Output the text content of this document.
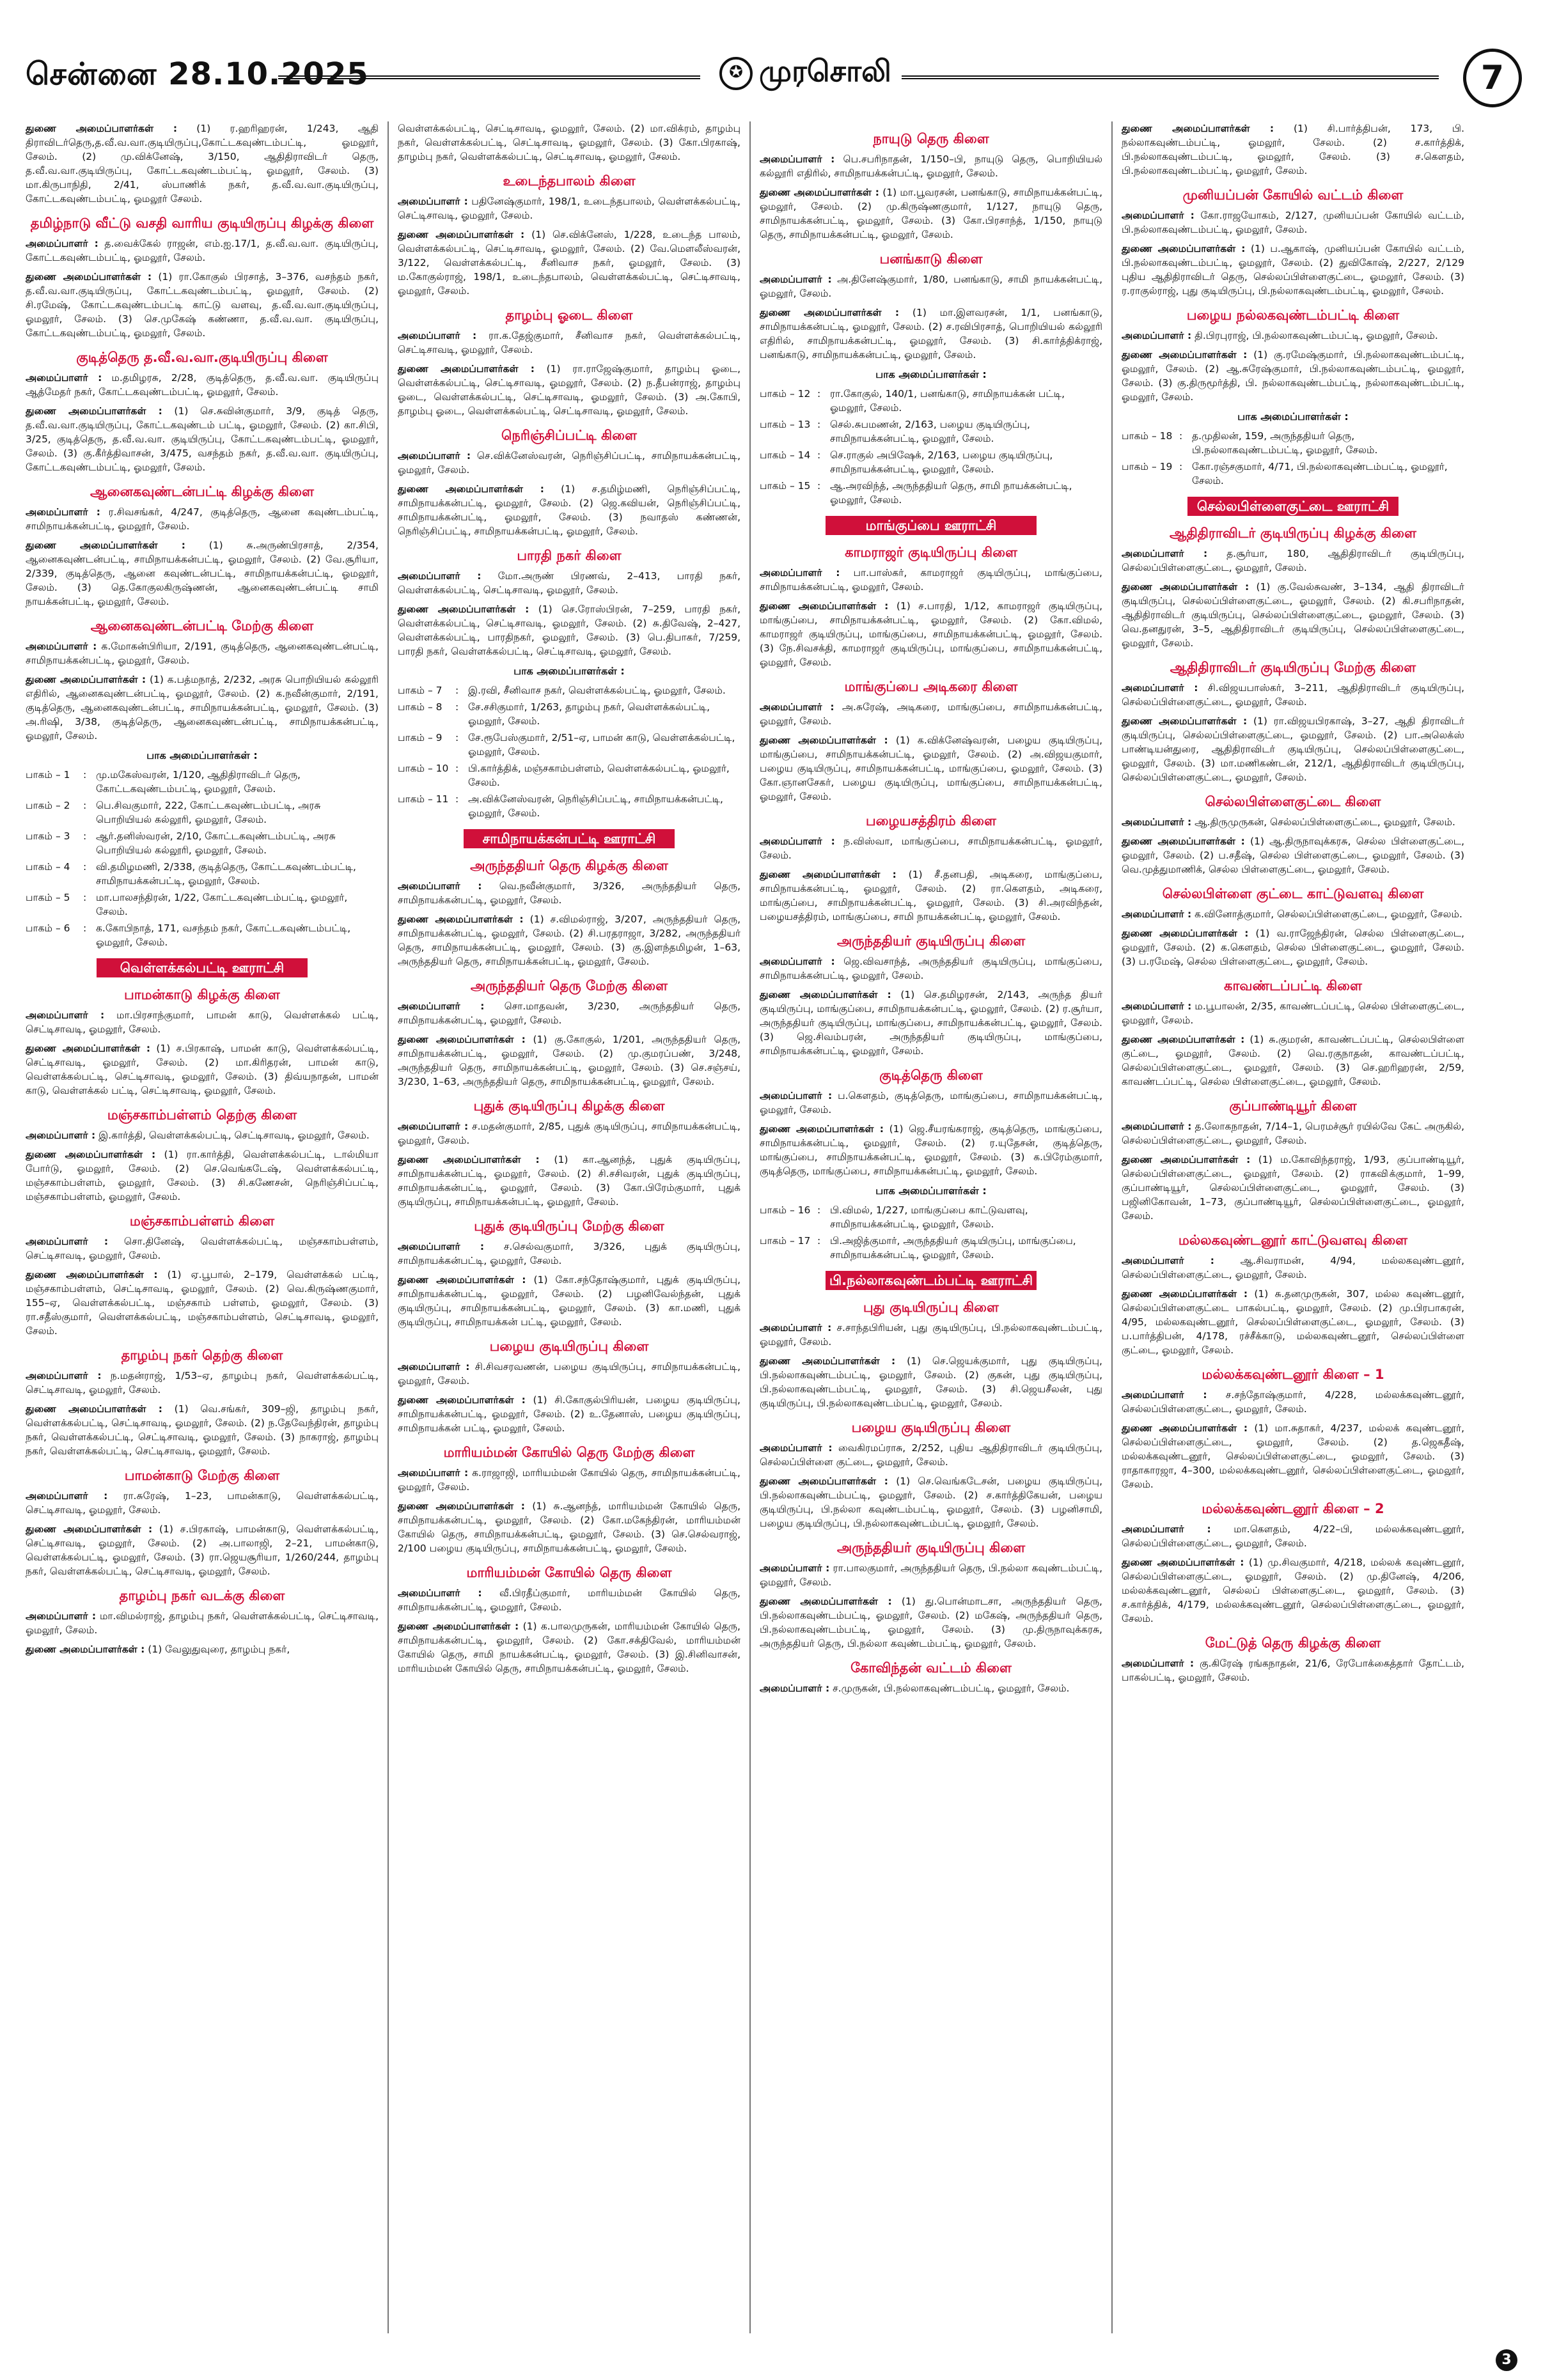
சென்னை 28.10.2025	✪ முரசொலி	7

துணை அமைப்பாளர்கள் : (1) ர.ஹரிஹரன், 1/243, ஆதி திராவிடர்தெரு,த.வீ.வ.வா.குடியிருப்பு,கோட்டகவுண்டம்பட்டி, ஓமலூர், சேலம். (2) மு.விக்னேஷ், 3/150, ஆதிதிராவிடர் தெரு, த.வீ.வ.வா.குடியிருப்பு, கோட்டகவுண்டம்பட்டி, ஓமலூர், சேலம். (3) மா.கிருபாநிதி, 2/41, ஸ்பாணிக் நகர், த.வீ.வ.வா.குடியிருப்பு, கோட்டகவுண்டம்பட்டி, ஓமலூர் சேலம்.

தமிழ்நாடு வீட்டு வசதி வாரிய குடியிருப்பு கிழக்கு கிளை

அமைப்பாளர் : த.வைக்கேல் ராஜன், எம்.ஐ.17/1, த.வீ.வ.வா. குடியிருப்பு, கோட்டகவுண்டம்பட்டி, ஓமலூர், சேலம்.

துணை அமைப்பாளர்கள் : (1) ரா.கோகுல் பிரசாத், 3–376, வசந்தம் நகர், த.வீ.வ.வா.குடியிருப்பு, கோட்டகவுண்டம்பட்டி, ஓமலூர், சேலம். (2) சி.ரமேஷ், கோட்டகவுண்டம்பட்டி காட்டு வளவு, த.வீ.வ.வா.குடியிருப்பு, ஓமலூர், சேலம். (3) செ.முகேஷ் கண்ணா, த.வீ.வ.வா. குடியிருப்பு, கோட்டகவுண்டம்பட்டி, ஓமலூர், சேலம்.

குடித்தெரு த.வீ.வ.வா.குடியிருப்பு கிளை

அமைப்பாளர் : ம.தமிழரசு, 2/28, குடித்தெரு, த.வீ.வ.வா. குடியிருப்பு ஆத்மேதர் நகர், கோட்டகவுண்டம்பட்டி, ஓமலூர், சேலம்.

துணை அமைப்பாளர்கள் : (1) செ.சுவின்குமார், 3/9, குடித் தெரு, த.வீ.வ.வா.குடியிருப்பு, கோட்டகவுண்டம் பட்டி, ஓமலூர், சேலம். (2) கா.சிபி, 3/25, குடித்தெரு, த.வீ.வ.வா. குடியிருப்பு, கோட்டகவுண்டம்பட்டி, ஓமலூர், சேலம். (3) கு.கீர்த்திவாசன், 3/475, வசந்தம் நகர், த.வீ.வ.வா. குடியிருப்பு, கோட்டகவுண்டம்பட்டி, ஓமலூர், சேலம்.

ஆனைகவுண்டன்பட்டி கிழக்கு கிளை

அமைப்பாளர் : ர.சிவசங்கர், 4/247, குடித்தெரு, ஆனை கவுண்டம்பட்டி, சாமிநாயக்கன்பட்டி, ஓமலூர், சேலம்.

துணை அமைப்பாளர்கள் : (1) சு.அருண்பிரசாத், 2/354, ஆனைகவுண்டன்பட்டி, சாமிநாயக்கன்பட்டி, ஓமலூர், சேலம். (2) வே.சூரியா, 2/339, குடித்தெரு, ஆனை கவுண்டன்பட்டி, சாமிநாயக்கன்பட்டி, ஓமலூர், சேலம். (3) தெ.கோகுலகிருஷ்ணன், ஆனைகவுண்டன்பட்டி சாமி நாயக்கன்பட்டி, ஓமலூர், சேலம்.

ஆனைகவுண்டன்பட்டி மேற்கு கிளை

அமைப்பாளர் : க.மோகன்பிரியா, 2/191, குடித்தெரு, ஆனைகவுண்டன்பட்டி, சாமிநாயக்கன்பட்டி, ஓமலூர், சேலம்.

துணை அமைப்பாளர்கள் : (1) க.பத்மநாத், 2/232, அரசு பொறியியல் கல்லூரி எதிரில், ஆனைகவுண்டன்பட்டி, ஓமலூர், சேலம். (2) க.நவீன்குமார், 2/191, குடித்தெரு, ஆனைகவுண்டன்பட்டி, சாமிநாயக்கன்பட்டி, ஓமலூர், சேலம். (3) அ.ரிஷி, 3/38, குடித்தெரு, ஆனைகவுண்டன்பட்டி, சாமிநாயக்கன்பட்டி, ஓமலூர், சேலம்.

பாக அமைப்பாளர்கள் :
பாகம் – 1	:	மு.மகேஸ்வரன், 1/120, ஆதிதிராவிடர் தெரு, கோட்டகவுண்டம்பட்டி, ஓமலூர், சேலம்.
பாகம் – 2	:	பெ.சிவகுமார், 222, கோட்டகவுண்டம்பட்டி, அரசு பொறியியல் கல்லூரி, ஓமலூர், சேலம்.
பாகம் – 3	:	ஆர்.தனிஸ்வரன், 2/10, கோட்டகவுண்டம்பட்டி, அரசு பொறியியல் கல்லூரி, ஓமலூர், சேலம்.
பாகம் – 4	:	வி.தமிழமணி, 2/338, குடித்தெரு, கோட்டகவுண்டம்பட்டி, சாமிநாயக்கன்பட்டி, ஓமலூர், சேலம்.
பாகம் – 5	:	மா.பாலசந்திரன், 1/22, கோட்டகவுண்டம்பட்டி, ஓமலூர், சேலம்.
பாகம் – 6	:	க.கோபிநாத், 171, வசந்தம் நகர், கோட்டகவுண்டம்பட்டி, ஓமலூர், சேலம்.
வெள்ளக்கல்பட்டி ஊராட்சி
பாமன்காடு கிழக்கு கிளை

அமைப்பாளர் : மா.பிரசாந்குமார், பாமன் காடு, வெள்ளக்கல் பட்டி, செட்டிசாவடி, ஓமலூர், சேலம்.

துணை அமைப்பாளர்கள் : (1) ச.பிரகாஷ், பாமன் காடு, வெள்ளக்கல்பட்டி, செட்டிசாவடி, ஓமலூர், சேலம். (2) மா.கிரிதரன், பாமன் காடு, வெள்ளக்கல்பட்டி, செட்டிசாவடி, ஓமலூர், சேலம். (3) திவ்யநாதன், பாமன் காடு, வெள்ளக்கல் பட்டி, செட்டிசாவடி, ஓமலூர், சேலம்.

மஞ்சகாம்பள்ளம் தெற்கு கிளை

அமைப்பாளர் : இ.கார்த்தி, வெள்ளக்கல்பட்டி, செட்டிசாவடி, ஓமலூர், சேலம்.

துணை அமைப்பாளர்கள் : (1) ரா.கார்த்தி, வெள்ளக்கல்பட்டி, டால்மியா போர்டு, ஓமலூர், சேலம். (2) செ.வெங்கடேஷ், வெள்ளக்கல்பட்டி, மஞ்சகாம்பள்ளம், ஓமலூர், சேலம். (3) சி.கணேசன், நெரிஞ்சிப்பட்டி, மஞ்சகாம்பள்ளம், ஓமலூர், சேலம்.

மஞ்சகாம்பள்ளம் கிளை

அமைப்பாளர் : சொ.தினேஷ், வெள்ளக்கல்பட்டி, மஞ்சகாம்பள்ளம், செட்டிசாவடி, ஓமலூர், சேலம்.

துணை அமைப்பாளர்கள் : (1) ஏ.பூபால், 2–179, வெள்ளக்கல் பட்டி, மஞ்சகாம்பள்ளம், செட்டிசாவடி, ஓமலூர், சேலம். (2) வெ.கிருஷ்ணகுமார், 155–ஏ, வெள்ளக்கல்பட்டி, மஞ்சகாம் பள்ளம், ஓமலூர், சேலம். (3) ரா.சதீஸ்குமார், வெள்ளக்கல்பட்டி, மஞ்சகாம்பள்ளம், செட்டிசாவடி, ஓமலூர், சேலம்.

தாழம்பு நகர் தெற்கு கிளை

அமைப்பாளர் : ந.மதன்ராஜ், 1/53–ஏ, தாழம்பு நகர், வெள்ளக்கல்பட்டி, செட்டிசாவடி, ஓமலூர், சேலம்.

துணை அமைப்பாளர்கள் : (1) வெ.சங்கர், 309–ஜி, தாழம்பு நகர், வெள்ளக்கல்பட்டி, செட்டிசாவடி, ஓமலூர், சேலம். (2) ந.தேவேந்திரன், தாழம்பு நகர், வெள்ளக்கல்பட்டி, செட்டிசாவடி, ஓமலூர், சேலம். (3) நாகராஜ், தாழம்பு நகர், வெள்ளக்கல்பட்டி, செட்டிசாவடி, ஓமலூர், சேலம்.

பாமன்காடு மேற்கு கிளை

அமைப்பாளர் : ரா.சுரேஷ், 1–23, பாமன்காடு, வெள்ளக்கல்பட்டி, செட்டிசாவடி, ஓமலூர், சேலம்.

துணை அமைப்பாளர்கள் : (1) ச.பிரகாஷ், பாமன்காடு, வெள்ளக்கல்பட்டி, செட்டிசாவடி, ஓமலூர், சேலம். (2) அ.பாலாஜி, 2–21, பாமன்காடு, வெள்ளக்கல்பட்டி, ஓமலூர், சேலம். (3) ரா.ஜெயசூரியா, 1/260/244, தாழம்பு நகர், வெள்ளக்கல்பட்டி, செட்டிசாவடி, ஓமலூர், சேலம்.

தாழம்பு நகர் வடக்கு கிளை

அமைப்பாளர் : மா.விமல்ராஜ், தாழம்பு நகர், வெள்ளக்கல்பட்டி, செட்டிசாவடி, ஓமலூர், சேலம்.

துணை அமைப்பாளர்கள் : (1) வேலுதுவுரை, தாழம்பு நகர்,

வெள்ளக்கல்பட்டி, செட்டிசாவடி, ஓமலூர், சேலம். (2) மா.விக்ரம், தாழம்பு நகர், வெள்ளக்கல்பட்டி, செட்டிசாவடி, ஓமலூர், சேலம். (3) கோ.பிரகாஷ், தாழம்பு நகர், வெள்ளக்கல்பட்டி, செட்டிசாவடி, ஓமலூர், சேலம்.

உடைந்தபாலம் கிளை

அமைப்பாளர் : பதினேஷ்குமார், 198/1, உடைந்தபாலம், வெள்ளக்கல்பட்டி, செட்டிசாவடி, ஓமலூர், சேலம்.

துணை அமைப்பாளர்கள் : (1) செ.விக்னேஸ், 1/228, உடைந்த பாலம், வெள்ளக்கல்பட்டி, செட்டிசாவடி, ஓமலூர், சேலம். (2) வே.மௌலீஸ்வரன், 3/122, வெள்ளக்கல்பட்டி, சீனிவாச நகர், ஓமலூர், சேலம். (3) ம.கோகுல்ராஜ், 198/1, உடைந்தபாலம், வெள்ளக்கல்பட்டி, செட்டிசாவடி, ஓமலூர், சேலம்.

தாழம்பு ஓடை கிளை

அமைப்பாளர் : ரா.க.தேஜ்குமார், சீனிவாச நகர், வெள்ளக்கல்பட்டி, செட்டிசாவடி, ஓமலூர், சேலம்.

துணை அமைப்பாளர்கள் : (1) ரா.ராஜேஷ்குமார், தாழம்பு ஓடை, வெள்ளக்கல்பட்டி, செட்டிசாவடி, ஓமலூர், சேலம். (2) ந.தீபன்ராஜ், தாழம்பு ஓடை, வெள்ளக்கல்பட்டி, செட்டிசாவடி, ஓமலூர், சேலம். (3) அ.கோபி, தாழம்பு ஓடை, வெள்ளக்கல்பட்டி, செட்டிசாவடி, ஓமலூர், சேலம்.

நெரிஞ்சிப்பட்டி கிளை

அமைப்பாளர் : செ.விக்னேஸ்வரன், நெரிஞ்சிப்பட்டி, சாமிநாயக்கன்பட்டி, ஓமலூர், சேலம்.

துணை அமைப்பாளர்கள் : (1) ச.தமிழ்மணி, நெரிஞ்சிப்பட்டி, சாமிநாயக்கன்பட்டி, ஓமலூர், சேலம். (2) ஜெ.கவியன், நெரிஞ்சிப்பட்டி, சாமிநாயக்கன்பட்டி, ஓமலூர், சேலம். (3) நவாதஸ் கண்ணன், நெரிஞ்சிப்பட்டி, சாமிநாயக்கன்பட்டி, ஓமலூர், சேலம்.

பாரதி நகர் கிளை

அமைப்பாளர் : மோ.அருண் பிரணவ், 2–413, பாரதி நகர், வெள்ளக்கல்பட்டி, செட்டிசாவடி, ஓமலூர், சேலம்.

துணை அமைப்பாளர்கள் : (1) செ.ரோஸ்பிரன், 7–259, பாரதி நகர், வெள்ளக்கல்பட்டி, செட்டிசாவடி, ஓமலூர், சேலம். (2) சு.திவேஷ், 2–427, வெள்ளக்கல்பட்டி, பாரதிநகர், ஓமலூர், சேலம். (3) பெ.திபாகர், 7/259, பாரதி நகர், வெள்ளக்கல்பட்டி, செட்டிசாவடி, ஓமலூர், சேலம்.

பாக அமைப்பாளர்கள் :
பாகம் – 7	:	இ.ரவி, சீனிவாச நகர், வெள்ளக்கல்பட்டி, ஓமலூர், சேலம்.
பாகம் – 8	:	சே.சசிகுமார், 1/263, தாழம்பு நகர், வெள்ளக்கல்பட்டி, ஓமலூர், சேலம்.
பாகம் – 9	:	சே.ரூபேஸ்குமார், 2/51–ஏ, பாமன் காடு, வெள்ளக்கல்பட்டி, ஓமலூர், சேலம்.
பாகம் – 10	:	பி.கார்த்திக், மஞ்சகாம்பள்ளம், வெள்ளக்கல்பட்டி, ஓமலூர், சேலம்.
பாகம் – 11	:	அ.விக்னேஸ்வரன், நெரிஞ்சிப்பட்டி, சாமிநாயக்கன்பட்டி, ஓமலூர், சேலம்.
சாமிநாயக்கன்பட்டி ஊராட்சி
அருந்ததியர் தெரு கிழக்கு கிளை

அமைப்பாளர் : வெ.நவீன்குமார், 3/326, அருந்ததியர் தெரு, சாமிநாயக்கன்பட்டி, ஓமலூர், சேலம்.

துணை அமைப்பாளர்கள் : (1) ச.விமல்ராஜ், 3/207, அருந்ததியர் தெரு, சாமிநாயக்கன்பட்டி, ஓமலூர், சேலம். (2) சி.பரதராஜா, 3/282, அருந்ததியர் தெரு, சாமிநாயக்கன்பட்டி, ஓமலூர், சேலம். (3) கு.இளந்தமிழன், 1–63, அருந்ததியர் தெரு, சாமிநாயக்கன்பட்டி, ஓமலூர், சேலம்.

அருந்ததியர் தெரு மேற்கு கிளை

அமைப்பாளர் : சொ.மாதவன், 3/230, அருந்ததியர் தெரு, சாமிநாயக்கன்பட்டி, ஓமலூர், சேலம்.

துணை அமைப்பாளர்கள் : (1) கு.கோகுல், 1/201, அருந்ததியர் தெரு, சாமிநாயக்கன்பட்டி, ஓமலூர், சேலம். (2) மு.குமரப்பண், 3/248, அருந்ததியர் தெரு, சாமிநாயக்கன்பட்டி, ஓமலூர், சேலம். (3) செ.சஞ்சய், 3/230, 1–63, அருந்ததியர் தெரு, சாமிநாயக்கன்பட்டி, ஓமலூர், சேலம்.

புதுக் குடியிருப்பு கிழக்கு கிளை

அமைப்பாளர் : ச.மதன்குமார், 2/85, புதுக் குடியிருப்பு, சாமிநாயக்கன்பட்டி, ஓமலூர், சேலம்.

துணை அமைப்பாளர்கள் : (1) கா.ஆனந்த், புதுக் குடியிருப்பு, சாமிநாயக்கன்பட்டி, ஓமலூர், சேலம். (2) சி.சசிவரன், புதுக் குடியிருப்பு, சாமிநாயக்கன்பட்டி, ஓமலூர், சேலம். (3) கோ.பிரேம்குமார், புதுக் குடியிருப்பு, சாமிநாயக்கன்பட்டி, ஓமலூர், சேலம்.

புதுக் குடியிருப்பு மேற்கு கிளை

அமைப்பாளர் : ச.செல்வகுமார், 3/326, புதுக் குடியிருப்பு, சாமிநாயக்கன்பட்டி, ஓமலூர், சேலம்.

துணை அமைப்பாளர்கள் : (1) கோ.சந்தோஷ்குமார், புதுக் குடியிருப்பு, சாமிநாயக்கன்பட்டி, ஓமலூர், சேலம். (2) பழனிவேல்ந்தன், புதுக் குடியிருப்பு, சாமிநாயக்கன்பட்டி, ஓமலூர், சேலம். (3) கா.மணி, புதுக் குடியிருப்பு, சாமிநாயக்கன் பட்டி, ஓமலூர், சேலம்.

பழைய குடியிருப்பு கிளை

அமைப்பாளர் : சி.சிவசரவணன், பழைய குடியிருப்பு, சாமிநாயக்கன்பட்டி, ஓமலூர், சேலம்.

துணை அமைப்பாளர்கள் : (1) சி.கோகுல்பிரியன், பழைய குடியிருப்பு, சாமிநாயக்கன்பட்டி, ஓமலூர், சேலம். (2) உ.தேனாஸ், பழைய குடியிருப்பு, சாமிநாயக்கன் பட்டி, ஓமலூர், சேலம்.

மாரியம்மன் கோயில் தெரு மேற்கு கிளை

அமைப்பாளர் : க.ராஜாஜி, மாரியம்மன் கோயில் தெரு, சாமிநாயக்கன்பட்டி, ஓமலூர், சேலம்.

துணை அமைப்பாளர்கள் : (1) சு.ஆனந்த், மாரியம்மன் கோயில் தெரு, சாமிநாயக்கன்பட்டி, ஓமலூர், சேலம். (2) கோ.மகேந்திரன், மாரியம்மன் கோயில் தெரு, சாமிநாயக்கன்பட்டி, ஓமலூர், சேலம். (3) செ.செல்வராஜ், 2/100 பழைய குடியிருப்பு, சாமிநாயக்கன்பட்டி, ஓமலூர், சேலம்.

மாரியம்மன் கோயில் தெரு கிளை

அமைப்பாளர் : வீ.பிரதீப்குமார், மாரியம்மன் கோயில் தெரு, சாமிநாயக்கன்பட்டி, ஓமலூர், சேலம்.

துணை அமைப்பாளர்கள் : (1) க.பாலமுருகன், மாரியம்மன் கோயில் தெரு, சாமிநாயக்கன்பட்டி, ஓமலூர், சேலம். (2) கோ.சக்திவேல், மாரியம்மன் கோயில் தெரு, சாமி நாயக்கன்பட்டி, ஓமலூர், சேலம். (3) இ.சினிவாசன், மாரியம்மன் கோயில் தெரு, சாமிநாயக்கன்பட்டி, ஓமலூர், சேலம்.

நாயுடு தெரு கிளை

அமைப்பாளர் : பெ.சபரிநாதன், 1/150–பி, நாயுடு தெரு, பொறியியல் கல்லூரி எதிரில், சாமிநாயக்கன்பட்டி, ஓமலூர், சேலம்.

துணை அமைப்பாளர்கள் : (1) மா.பூவரசன், பனங்காடு, சாமிநாயக்கன்பட்டி, ஓமலூர், சேலம். (2) மு.கிருஷ்ணகுமார், 1/127, நாயுடு தெரு, சாமிநாயக்கன்பட்டி, ஓமலூர், சேலம். (3) கோ.பிரசாந்த், 1/150, நாயுடு தெரு, சாமிநாயக்கன்பட்டி, ஓமலூர், சேலம்.

பனங்காடு கிளை

அமைப்பாளர் : அ.தினேஷ்குமார், 1/80, பனங்காடு, சாமி நாயக்கன்பட்டி, ஓமலூர், சேலம்.

துணை அமைப்பாளர்கள் : (1) மா.இளவரசன், 1/1, பனங்காடு, சாமிநாயக்கன்பட்டி, ஓமலூர், சேலம். (2) ச.ரவிபிரசாத், பொறியியல் கல்லூரி எதிரில், சாமிநாயக்கன்பட்டி, ஓமலூர், சேலம். (3) சி.கார்த்திக்ராஜ், பனங்காடு, சாமிநாயக்கன்பட்டி, ஓமலூர், சேலம்.

பாக அமைப்பாளர்கள் :
பாகம் – 12	:	ரா.கோகுல், 140/1, பனங்காடு, சாமிநாயக்கன் பட்டி, ஓமலூர், சேலம்.
பாகம் – 13	:	செல்.சுபமணன், 2/163, பழைய குடியிருப்பு, சாமிநாயக்கன்பட்டி, ஓமலூர், சேலம்.
பாகம் – 14	:	செ.ராகுல் அபிஷேக், 2/163, பழைய குடியிருப்பு, சாமிநாயக்கன்பட்டி, ஓமலூர், சேலம்.
பாகம் – 15	:	ஆ.அரவிந்த், அருந்ததியர் தெரு, சாமி நாயக்கன்பட்டி, ஓமலூர், சேலம்.
மாங்குப்பை ஊராட்சி
காமராஜர் குடியிருப்பு கிளை

அமைப்பாளர் : பா.பாஸ்கர், காமராஜர் குடியிருப்பு, மாங்குப்பை, சாமிநாயக்கன்பட்டி, ஓமலூர், சேலம்.

துணை அமைப்பாளர்கள் : (1) ச.பாரதி, 1/12, காமராஜர் குடியிருப்பு, மாங்குப்பை, சாமிநாயக்கன்பட்டி, ஓமலூர், சேலம். (2) கோ.விமல், காமராஜர் குடியிருப்பு, மாங்குப்பை, சாமிநாயக்கன்பட்டி, ஓமலூர், சேலம். (3) நே.சிவசக்தி, காமராஜர் குடியிருப்பு, மாங்குப்பை, சாமிநாயக்கன்பட்டி, ஓமலூர், சேலம்.

மாங்குப்பை அடிகரை கிளை

அமைப்பாளர் : அ.சுரேஷ், அடிகரை, மாங்குப்பை, சாமிநாயக்கன்பட்டி, ஓமலூர், சேலம்.

துணை அமைப்பாளர்கள் : (1) க.விக்னேஷ்வரன், பழைய குடியிருப்பு, மாங்குப்பை, சாமிநாயக்கன்பட்டி, ஓமலூர், சேலம். (2) அ.விஜயகுமார், பழைய குடியிருப்பு, சாமிநாயக்கன்பட்டி, மாங்குப்பை, ஓமலூர், சேலம். (3) கோ.ஞானசேகர், பழைய குடியிருப்பு, மாங்குப்பை, சாமிநாயக்கன்பட்டி, ஓமலூர், சேலம்.

பழையசத்திரம் கிளை

அமைப்பாளர் : ந.விஸ்வா, மாங்குப்பை, சாமிநாயக்கன்பட்டி, ஓமலூர், சேலம்.

துணை அமைப்பாளர்கள் : (1) சீ.தனபதி, அடிகரை, மாங்குப்பை, சாமிநாயக்கன்பட்டி, ஓமலூர், சேலம். (2) ரா.கௌதம், அடிகரை, மாங்குப்பை, சாமிநாயக்கன்பட்டி, ஓமலூர், சேலம். (3) சி.அரவிந்தன், பழையசத்திரம், மாங்குப்பை, சாமி நாயக்கன்பட்டி, ஓமலூர், சேலம்.

அருந்ததியர் குடியிருப்பு கிளை

அமைப்பாளர் : ஜெ.விவசாந்த், அருந்ததியர் குடியிருப்பு, மாங்குப்பை, சாமிநாயக்கன்பட்டி, ஓமலூர், சேலம்.

துணை அமைப்பாளர்கள் : (1) செ.தமிழரசன், 2/143, அருந்த தியர் குடியிருப்பு, மாங்குப்பை, சாமிநாயக்கன்பட்டி, ஓமலூர், சேலம். (2) ர.சூர்யா, அருந்ததியர் குடியிருப்பு, மாங்குப்பை, சாமிநாயக்கன்பட்டி, ஓமலூர், சேலம். (3) ஜெ.சிவம்பரன், அருந்ததியர் குடியிருப்பு, மாங்குப்பை, சாமிநாயக்கன்பட்டி, ஓமலூர், சேலம்.

குடித்தெரு கிளை

அமைப்பாளர் : ப.கௌதம், குடித்தெரு, மாங்குப்பை, சாமிநாயக்கன்பட்டி, ஓமலூர், சேலம்.

துணை அமைப்பாளர்கள் : (1) ஜெ.சீயரங்கராஜ், குடித்தெரு, மாங்குப்பை, சாமிநாயக்கன்பட்டி, ஓமலூர், சேலம். (2) ர.யுதேசன், குடித்தெரு, மாங்குப்பை, சாமிநாயக்கன்பட்டி, ஓமலூர், சேலம். (3) க.பிரேம்குமார், குடித்தெரு, மாங்குப்பை, சாமிநாயக்கன்பட்டி, ஓமலூர், சேலம்.

பாக அமைப்பாளர்கள் :
பாகம் – 16	:	பி.விமல், 1/227, மாங்குப்பை காட்டுவளவு, சாமிநாயக்கன்பட்டி, ஓமலூர், சேலம்.
பாகம் – 17	:	பி.அஜித்குமார், அருந்ததியர் குடியிருப்பு, மாங்குப்பை, சாமிநாயக்கன்பட்டி, ஓமலூர், சேலம்.
பி.நல்லாகவுண்டம்பட்டி ஊராட்சி
புது குடியிருப்பு கிளை

அமைப்பாளர் : ச.சாந்தபிரியன், புது குடியிருப்பு, பி.நல்லாகவுண்டம்பட்டி, ஓமலூர், சேலம்.

துணை அமைப்பாளர்கள் : (1) செ.ஜெயக்குமார், புது குடியிருப்பு, பி.நல்லாகவுண்டம்பட்டி, ஓமலூர், சேலம். (2) குகன், புது குடியிருப்பு, பி.நல்லாகவுண்டம்பட்டி, ஓமலூர், சேலம். (3) சி.ஜெயசீலன், புது குடியிருப்பு, பி.நல்லாகவுண்டம்பட்டி, ஓமலூர், சேலம்.

பழைய குடியிருப்பு கிளை

அமைப்பாளர் : வைகிரமப்ராசு, 2/252, புதிய ஆதிதிராவிடர் குடியிருப்பு, செல்லப்பிள்ளை குட்டை, ஓமலூர், சேலம்.

துணை அமைப்பாளர்கள் : (1) செ.வெங்கடேசன், பழைய குடியிருப்பு, பி.நல்லாகவுண்டம்பட்டி, ஓமலூர், சேலம். (2) ச.கார்த்திகேயன், பழைய குடியிருப்பு, பி.நல்லா கவுண்டம்பட்டி, ஓமலூர், சேலம். (3) பழனிசாமி, பழைய குடியிருப்பு, பி.நல்லாகவுண்டம்பட்டி, ஓமலூர், சேலம்.

அருந்ததியர் குடியிருப்பு கிளை

அமைப்பாளர் : ரா.பாலகுமார், அருந்ததியர் தெரு, பி.நல்லா கவுண்டம்பட்டி, ஓமலூர், சேலம்.

துணை அமைப்பாளர்கள் : (1) து.பொன்மாடசா, அருந்ததியர் தெரு, பி.நல்லாகவுண்டம்பட்டி, ஓமலூர், சேலம். (2) மகேஷ், அருந்ததியர் தெரு, பி.நல்லாகவுண்டம்பட்டி, ஓமலூர், சேலம். (3) மு.திருநாவுக்கரசு, அருந்ததியர் தெரு, பி.நல்லா கவுண்டம்பட்டி, ஓமலூர், சேலம்.

கோவிந்தன் வட்டம் கிளை

அமைப்பாளர் : ச.முருகன், பி.நல்லாகவுண்டம்பட்டி, ஓமலூர், சேலம்.

துணை அமைப்பாளர்கள் : (1) சி.பார்த்திபன், 173, பி. நல்லாகவுண்டம்பட்டி, ஓமலூர், சேலம். (2) ச.கார்த்திக், பி.நல்லாகவுண்டம்பட்டி, ஓமலூர், சேலம். (3) ச.கௌதம், பி.நல்லாகவுண்டம்பட்டி, ஓமலூர், சேலம்.

முனியப்பன் கோயில் வட்டம் கிளை

அமைப்பாளர் : கோ.ராஜயோகம், 2/127, முனியப்பன் கோயில் வட்டம், பி.நல்லாகவுண்டம்பட்டி, ஓமலூர், சேலம்.

துணை அமைப்பாளர்கள் : (1) ப.ஆகாஷ், முனியப்பன் கோயில் வட்டம், பி.நல்லாகவுண்டம்பட்டி, ஓமலூர், சேலம். (2) துவிகோஷ், 2/227, 2/129 புதிய ஆதிதிராவிடர் தெரு, செல்லப்பிள்ளைகுட்டை, ஓமலூர், சேலம். (3) ர.ராகுல்ராஜ், புது குடியிருப்பு, பி.நல்லாகவுண்டம்பட்டி, ஓமலூர், சேலம்.

பழைய நல்லகவுண்டம்பட்டி கிளை

அமைப்பாளர் : தி.பிரபுராஜ், பி.நல்லாகவுண்டம்பட்டி, ஓமலூர், சேலம்.

துணை அமைப்பாளர்கள் : (1) கு.ரமேஷ்குமார், பி.நல்லாகவுண்டம்பட்டி, ஓமலூர், சேலம். (2) ஆ.சுரேஷ்குமார், பி.நல்லாகவுண்டம்பட்டி, ஓமலூர், சேலம். (3) கு.திருமூர்த்தி, பி. நல்லாகவுண்டம்பட்டி, நல்லாகவுண்டம்பட்டி, ஓமலூர், சேலம்.

பாக அமைப்பாளர்கள் :
பாகம் – 18	:	த.முதிலன், 159, அருந்ததியர் தெரு, பி.நல்லாகவுண்டம்பட்டி, ஓமலூர், சேலம்.
பாகம் – 19	:	கோ.ரஞ்சகுமார், 4/71, பி.நல்லாகவுண்டம்பட்டி, ஓமலூர், சேலம்.
செல்லபிள்ளைகுட்டை ஊராட்சி
ஆதிதிராவிடர் குடியிருப்பு கிழக்கு கிளை

அமைப்பாளர் : த.சூர்யா, 180, ஆதிதிராவிடர் குடியிருப்பு, செல்லப்பிள்ளைகுட்டை, ஓமலூர், சேலம்.

துணை அமைப்பாளர்கள் : (1) கு.வேல்சுவண், 3–134, ஆதி திராவிடர் குடியிருப்பு, செல்லப்பிள்ளைகுட்டை, ஓமலூர், சேலம். (2) கி.சபரிநாதன், ஆதிதிராவிடர் குடியிருப்பு, செல்லப்பிள்ளைகுட்டை, ஓமலூர், சேலம். (3) வெ.தனதுரன், 3–5, ஆதிதிராவிடர் குடியிருப்பு, செல்லப்பிள்ளைகுட்டை, ஓமலூர், சேலம்.

ஆதிதிராவிடர் குடியிருப்பு மேற்கு கிளை

அமைப்பாளர் : சி.விஜயபாஸ்கர், 3–211, ஆதிதிராவிடர் குடியிருப்பு, செல்லப்பிள்ளைகுட்டை, ஓமலூர், சேலம்.

துணை அமைப்பாளர்கள் : (1) ரா.விஜயபிரகாஷ், 3–27, ஆதி திராவிடர் குடியிருப்பு, செல்லப்பிள்ளைகுட்டை, ஓமலூர், சேலம். (2) பா.அலெக்ஸ் பாண்டியன்துரை, ஆதிதிராவிடர் குடியிருப்பு, செல்லப்பிள்ளைகுட்டை, ஓமலூர், சேலம். (3) மா.மணிகண்டன், 212/1, ஆதிதிராவிடர் குடியிருப்பு, செல்லப்பிள்ளைகுட்டை, ஓமலூர், சேலம்.

செல்லபிள்ளைகுட்டை கிளை

அமைப்பாளர் : ஆ.திருமுருகன், செல்லப்பிள்ளைகுட்டை, ஓமலூர், சேலம்.

துணை அமைப்பாளர்கள் : (1) ஆ.திருநாவுக்கரசு, செல்ல பிள்ளைகுட்டை, ஓமலூர், சேலம். (2) ப.சதீஷ், செல்ல பிள்ளைகுட்டை, ஓமலூர், சேலம். (3) வெ.முத்துமாணிக், செல்ல பிள்ளைகுட்டை, ஓமலூர், சேலம்.

செல்லபிள்ளை குட்டை காட்டுவளவு கிளை

அமைப்பாளர் : க.வினோத்குமார், செல்லப்பிள்ளைகுட்டை, ஓமலூர், சேலம்.

துணை அமைப்பாளர்கள் : (1) வ.ராஜேந்திரன், செல்ல பிள்ளைகுட்டை, ஓமலூர், சேலம். (2) க.கௌதம், செல்ல பிள்ளைகுட்டை, ஓமலூர், சேலம். (3) ப.ரமேஷ், செல்ல பிள்ளைகுட்டை, ஓமலூர், சேலம்.

காவண்டப்பட்டி கிளை

அமைப்பாளர் : ம.பூபாலன், 2/35, காவண்டப்பட்டி, செல்ல பிள்ளைகுட்டை, ஓமலூர், சேலம்.

துணை அமைப்பாளர்கள் : (1) சு.குமரன், காவண்டப்பட்டி, செல்லபிள்ளை குட்டை, ஓமலூர், சேலம். (2) வெ.ரகுநாதன், காவண்டப்பட்டி, செல்லப்பிள்ளைகுட்டை, ஓமலூர், சேலம். (3) செ.ஹரிஹரன், 2/59, காவண்டப்பட்டி, செல்ல பிள்ளைகுட்டை, ஓமலூர், சேலம்.

குப்பாண்டியூர் கிளை

அமைப்பாளர் : த.லோகநாதன், 7/14–1, பெரமச்சூர் ரயில்வே கேட் அருகில், செல்லப்பிள்ளைகுட்டை, ஓமலூர், சேலம்.

துணை அமைப்பாளர்கள் : (1) ம.கோவிந்தராஜ், 1/93, குப்பாண்டியூர், செல்லப்பிள்ளைகுட்டை, ஓமலூர், சேலம். (2) ராகவி்க்குமார், 1–99, குப்பாண்டியூர், செல்லப்பிள்ளைகுட்டை, ஓமலூர், சேலம். (3) பஜினிகோவன், 1–73, குப்பாண்டியூர், செல்லப்பிள்ளைகுட்டை, ஓமலூர், சேலம்.

மல்லகவுண்டனூர் காட்டுவளவு கிளை

அமைப்பாளர் :	ஆ.சிவராமன், 4/94, மல்லகவுண்டனூர், செல்லப்பிள்ளைகுட்டை, ஓமலூர், சேலம்.

துணை அமைப்பாளர்கள் : (1) சு.தனமுருகன், 307, மல்ல கவுண்டனூர், செல்லப்பிள்ளைகுட்டை பாகல்பட்டி, ஓமலூர், சேலம். (2) மு.பிரபாகரன், 4/95, மல்லகவுண்டனூர், செல்லப்பிள்ளைகுட்டை, ஓமலூர், சேலம். (3) ப.பார்த்திபன், 4/178, ரச்சீக்காடு, மல்லகவுண்டனூர், செல்லப்பிள்ளை குட்டை, ஓமலூர், சேலம்.

மல்லக்கவுண்டனூர் கிளை – 1

அமைப்பாளர் : ச.சந்தோஷ்குமார், 4/228, மல்லக்கவுண்டனூர், செல்லப்பிள்ளைகுட்டை, ஓமலூர், சேலம்.

துணை அமைப்பாளர்கள் : (1) மா.சுதாகர், 4/237, மல்லக் கவுண்டனூர், செல்லப்பிள்ளைகுட்டை, ஓமலூர், சேலம். (2) த.ஜெகதீஷ், மல்லக்கவுண்டனூர், செல்லப்பிள்ளைகுட்டை, ஓமலூர், சேலம். (3) ராதாகாரஜா, 4–300, மல்லக்கவுண்டனூர், செல்லப்பிள்ளைகுட்டை, ஓமலூர், சேலம்.

மல்லக்கவுண்டனூர் கிளை – 2

அமைப்பாளர் : மா.கௌதம், 4/22–பி, மல்லக்கவுண்டனூர், செல்லப்பிள்ளைகுட்டை, ஓமலூர், சேலம்.

துணை அமைப்பாளர்கள் : (1) மு.சிவகுமார், 4/218, மல்லக் கவுண்டனூர், செல்லப்பிள்ளைகுட்டை, ஓமலூர், சேலம். (2) மு.தினேஷ், 4/206, மல்லக்கவுண்டனூர், செல்லப் பிள்ளைகுட்டை, ஓமலூர், சேலம். (3) ச.கார்த்திக், 4/179, மல்லக்கவுண்டனூர், செல்லப்பிள்ளைகுட்டை, ஓமலூர், சேலம்.

மேட்டுத் தெரு கிழக்கு கிளை

அமைப்பாளர் : கு.கிரேஷ் ரங்கநாதன், 21/6, ரேபோக்கைத்தார் தோட்டம், பாகல்பட்டி, ஓமலூர், சேலம்.

3
